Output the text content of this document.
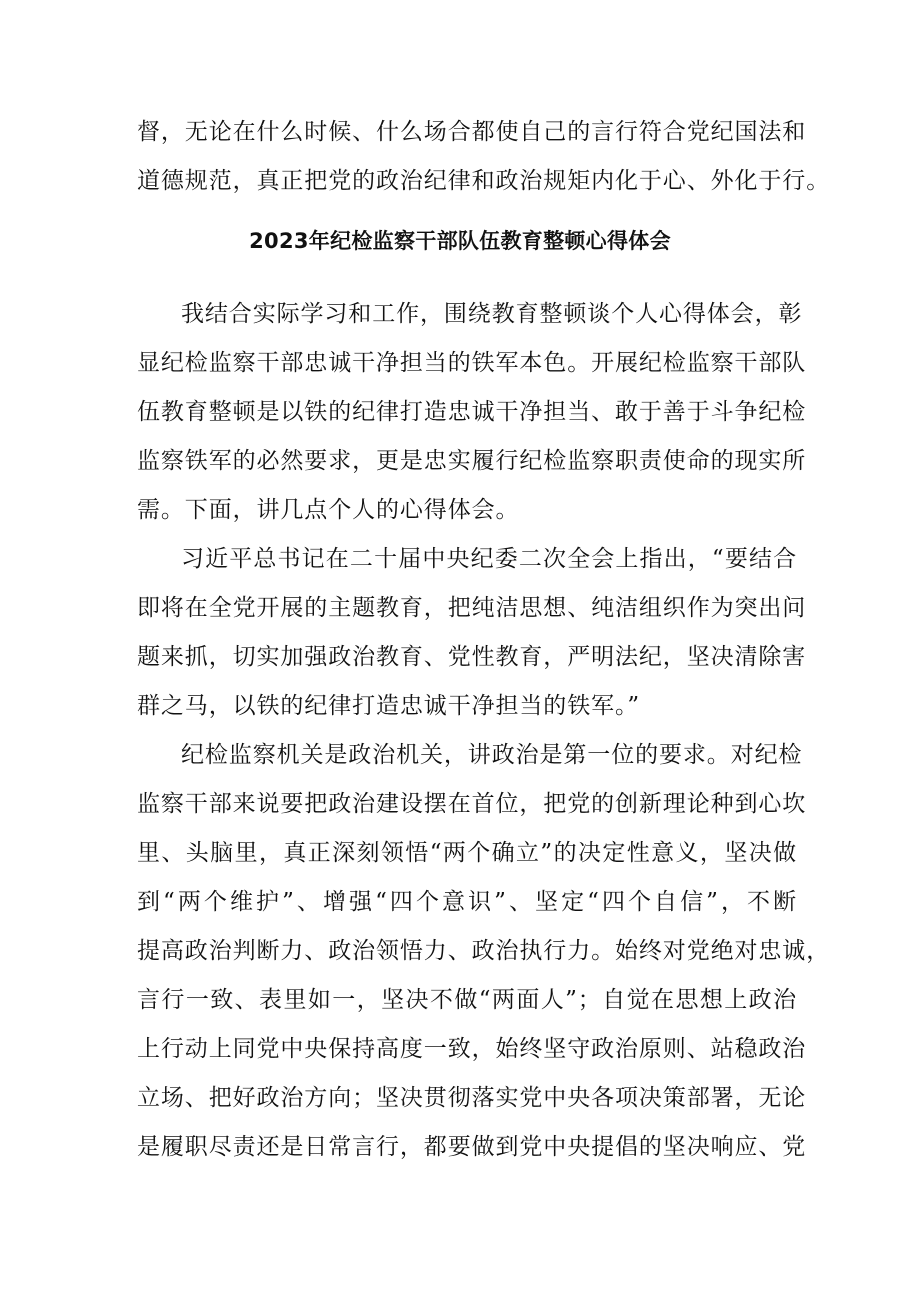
督，无论在什么时候、什么场合都使自己的言行符合党纪国法和
道德规范，真正把党的政治纪律和政治规矩内化于心、外化于行。
2023年纪检监察干部队伍教育整顿心得体会
我结合实际学习和工作，围绕教育整顿谈个人心得体会，彰
显纪检监察干部忠诚干净担当的铁军本色。开展纪检监察干部队
伍教育整顿是以铁的纪律打造忠诚干净担当、敢于善于斗争纪检
监察铁军的必然要求，更是忠实履行纪检监察职责使命的现实所
需。下面，讲几点个人的心得体会。
习近平总书记在二十届中央纪委二次全会上指出，“要结合
即将在全党开展的主题教育，把纯洁思想、纯洁组织作为突出问
题来抓，切实加强政治教育、党性教育，严明法纪，坚决清除害
群之马，以铁的纪律打造忠诚干净担当的铁军。”
纪检监察机关是政治机关，讲政治是第一位的要求。对纪检
监察干部来说要把政治建设摆在首位，把党的创新理论种到心坎
里、头脑里，真正深刻领悟“两个确立”的决定性意义，坚决做
到“两个维护”、增强“四个意识”、坚定“四个自信”，不断
提高政治判断力、政治领悟力、政治执行力。始终对党绝对忠诚，
言行一致、表里如一，坚决不做“两面人”；自觉在思想上政治
上行动上同党中央保持高度一致，始终坚守政治原则、站稳政治
立场、把好政治方向；坚决贯彻落实党中央各项决策部署，无论
是履职尽责还是日常言行，都要做到党中央提倡的坚决响应、党
